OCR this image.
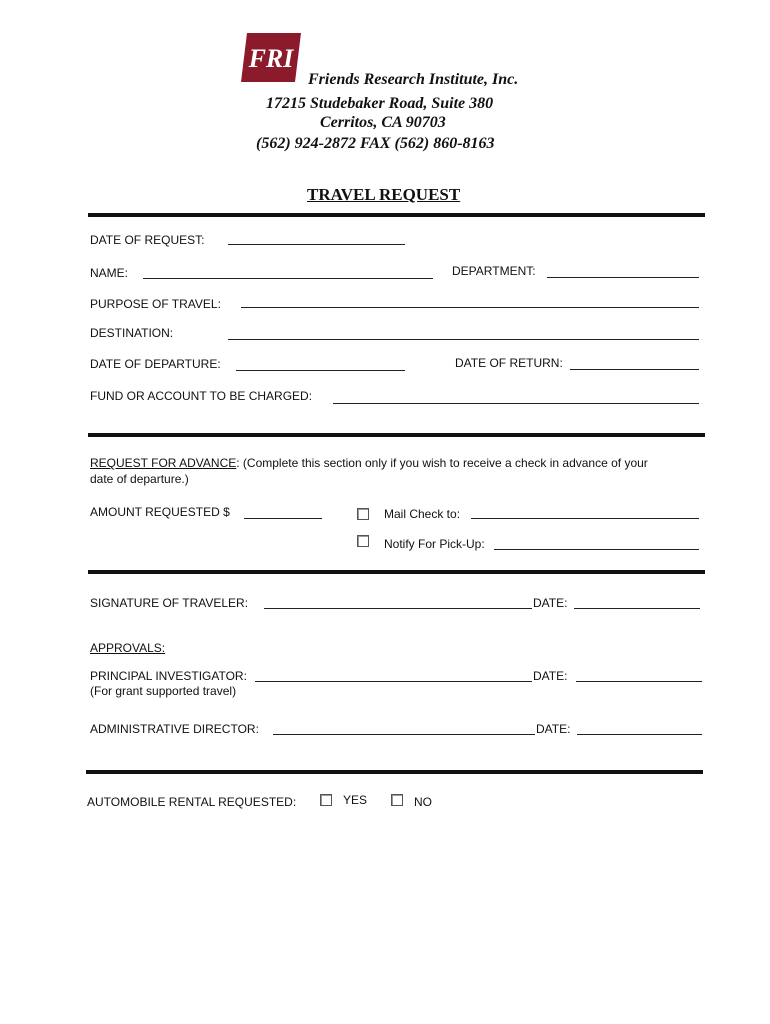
FRI
Friends Research Institute, Inc.
17215 Studebaker Road, Suite 380
Cerritos, CA 90703
(562) 924-2872 FAX (562) 860-8163
TRAVEL REQUEST
DATE OF REQUEST:
NAME:	DEPARTMENT:
PURPOSE OF TRAVEL:
DESTINATION:
DATE OF DEPARTURE:	DATE OF RETURN:
FUND OR ACCOUNT TO BE CHARGED:
REQUEST FOR ADVANCE: (Complete this section only if you wish to receive a check in advance of your
date of departure.)
AMOUNT REQUESTED $	Mail Check to:
Notify For Pick-Up:
SIGNATURE OF TRAVELER:	DATE:
APPROVALS:
PRINCIPAL INVESTIGATOR:	DATE:
(For grant supported travel)
ADMINISTRATIVE DIRECTOR:	DATE:
AUTOMOBILE RENTAL REQUESTED:	YES	NO
